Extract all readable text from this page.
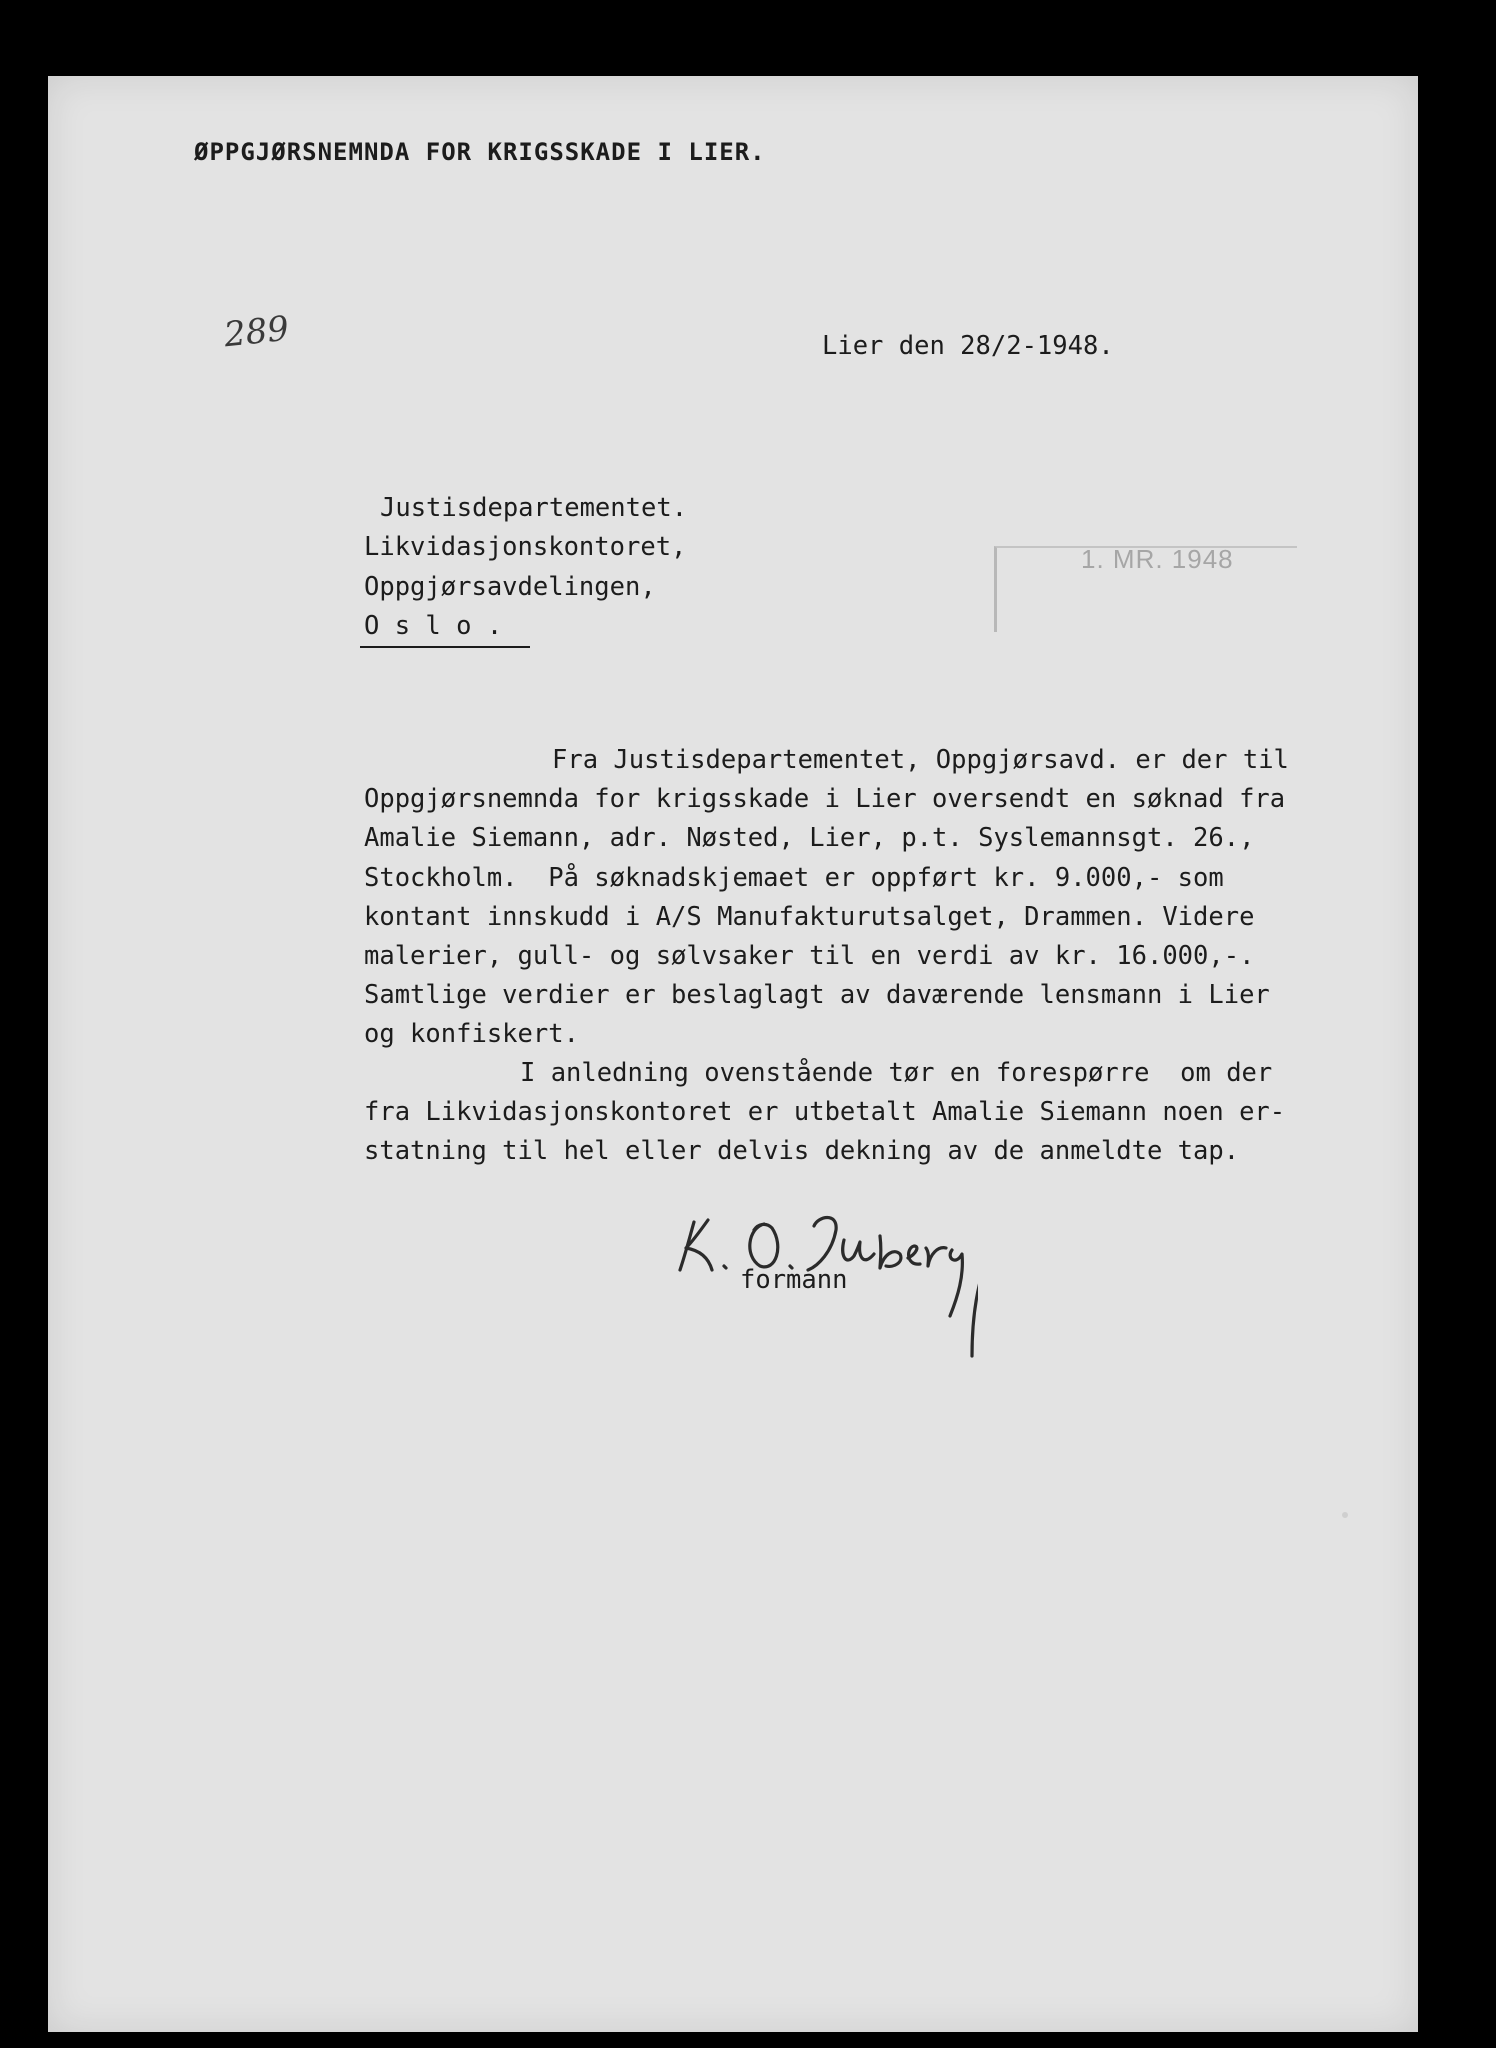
ØPPGJØRSNEMNDA FOR KRIGSSKADE I LIER.
289	Lier den 28/2-1948.
1. MR. 1948
Justisdepartementet.
Likvidasjonskontoret,
Oppgjørsavdelingen,
O s l o .
Fra Justisdepartementet, Oppgjørsavd. er der til
Oppgjørsnemnda for krigsskade i Lier oversendt en søknad fra
Amalie Siemann, adr. Nøsted, Lier, p.t. Syslemannsgt. 26.,
Stockholm.  På søknadskjemaet er oppført kr. 9.000,- som
kontant innskudd i A/S Manufakturutsalget, Drammen. Videre
malerier, gull- og sølvsaker til en verdi av kr. 16.000,-.
Samtlige verdier er beslaglagt av daværende lensmann i Lier
og konfiskert.
I anledning ovenstående tør en forespørre  om der
fra Likvidasjonskontoret er utbetalt Amalie Siemann noen er-
statning til hel eller delvis dekning av de anmeldte tap.
formann
